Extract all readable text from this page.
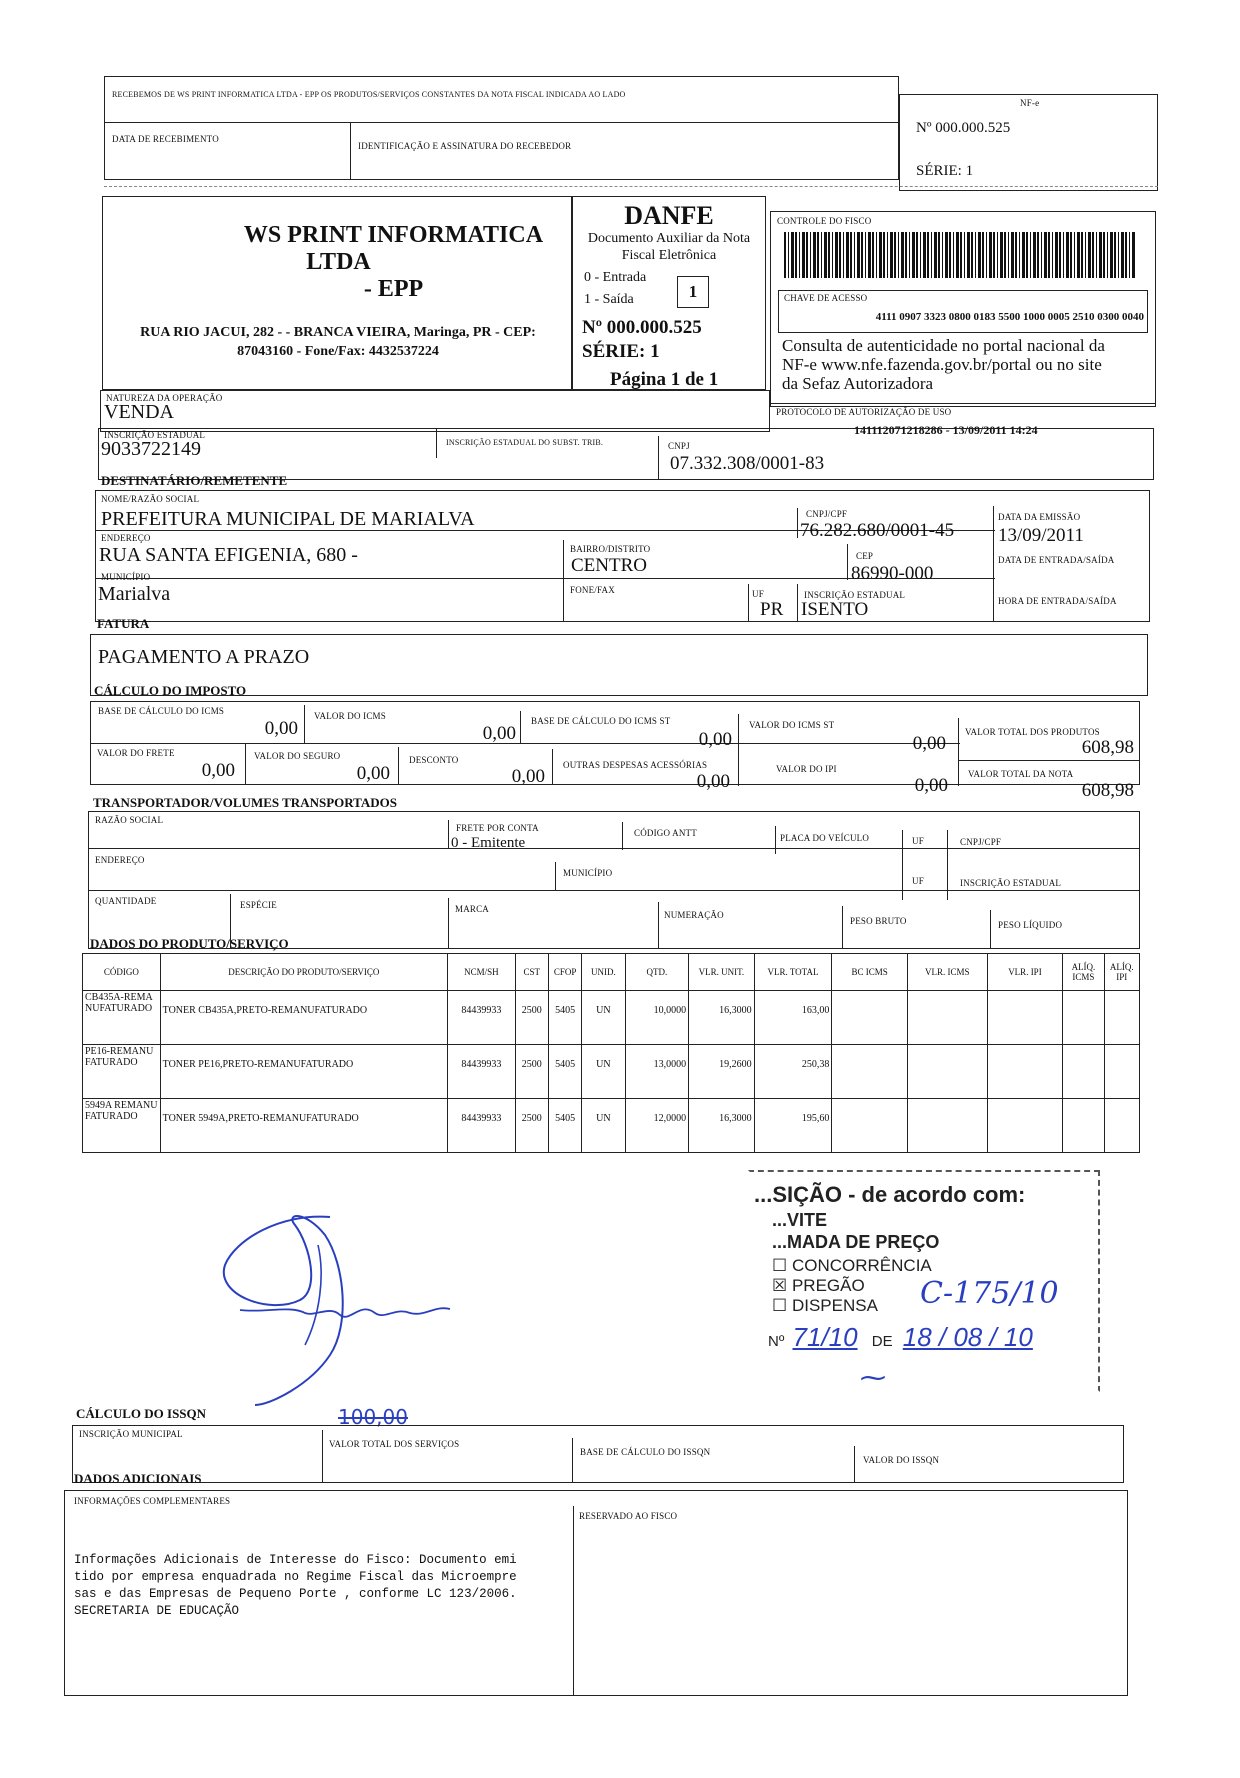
RECEBEMOS DE WS PRINT INFORMATICA LTDA - EPP OS PRODUTOS/SERVIÇOS CONSTANTES DA NOTA FISCAL INDICADA AO LADO
DATA DE RECEBIMENTO
IDENTIFICAÇÃO E ASSINATURA DO RECEBEDOR
NF-e
Nº 000.000.525
SÉRIE: 1
WS PRINT INFORMATICA LTDA
- EPP
RUA RIO JACUI, 282 - - BRANCA VIEIRA, Maringa, PR - CEP:
87043160 - Fone/Fax: 4432537224
DANFE
Documento Auxiliar da Nota
Fiscal Eletrônica
0 - Entrada
1 - Saída	1
Nº 000.000.525
SÉRIE: 1
Página 1 de 1
CONTROLE DO FISCO
CHAVE DE ACESSO
4111 0907 3323 0800 0183 5500 1000 0005 2510 0300 0040
Consulta de autenticidade no portal nacional da
NF-e www.nfe.fazenda.gov.br/portal ou no site
da Sefaz Autorizadora
PROTOCOLO DE AUTORIZAÇÃO DE USO
141112071218286 - 13/09/2011 14:24
NATUREZA DA OPERAÇÃO
VENDA
INSCRIÇÃO ESTADUAL
9033722149	INSCRIÇÃO ESTADUAL DO SUBST. TRIB.	CNPJ
07.332.308/0001-83
DESTINATÁRIO/REMETENTE
NOME/RAZÃO SOCIAL
PREFEITURA MUNICIPAL DE MARIALVA	CNPJ/CPF
76.282.680/0001-45
DATA DA EMISSÃO
13/09/2011
ENDEREÇO
RUA SANTA EFIGENIA, 680 -	BAIRRO/DISTRITO
CENTRO	CEP
86990-000
DATA DE ENTRADA/SAÍDA
MUNICÍPIO
Marialva	FONE/FAX	UF
PR
INSCRIÇÃO ESTADUAL
ISENTO	HORA DE ENTRADA/SAÍDA
FATURA
PAGAMENTO A PRAZO
CÁLCULO DO IMPOSTO
BASE DE CÁLCULO DO ICMS
0,00
VALOR DO ICMS
0,00
BASE DE CÁLCULO DO ICMS ST
0,00
VALOR DO ICMS ST
0,00
VALOR TOTAL DOS PRODUTOS
608,98
VALOR DO FRETE
0,00
VALOR DO SEGURO
0,00
DESCONTO
0,00
OUTRAS DESPESAS ACESSÓRIAS
0,00
VALOR DO IPI
0,00
VALOR TOTAL DA NOTA
608,98
TRANSPORTADOR/VOLUMES TRANSPORTADOS
RAZÃO SOCIAL
FRETE POR CONTA
0 - Emitente
CÓDIGO ANTT	PLACA DO VEÍCULO	UF	CNPJ/CPF
ENDEREÇO
MUNICÍPIO
UF	INSCRIÇÃO ESTADUAL
QUANTIDADE	ESPÉCIE	MARCA
NUMERAÇÃO
PESO BRUTO	PESO LÍQUIDO
DADOS DO PRODUTO/SERVIÇO
CÓDIGO	DESCRIÇÃO DO PRODUTO/SERVIÇO	NCM/SH	CST	CFOP	UNID.	QTD.	VLR. UNIT.	VLR. TOTAL	BC ICMS	VLR. ICMS	VLR. IPI	ALÍQ. ICMS	ALÍQ. IPI
CB435A-REMANUFATURADO	TONER CB435A,PRETO-REMANUFATURADO	84439933	2500	5405	UN	10,0000	16,3000	163,00					
PE16-REMANUFATURADO	TONER PE16,PRETO-REMANUFATURADO	84439933	2500	5405	UN	13,0000	19,2600	250,38					
5949A REMANUFATURADO	TONER 5949A,PRETO-REMANUFATURADO	84439933	2500	5405	UN	12,0000	16,3000	195,60					
...SIÇÃO - de acordo com:
...VITE
...MADA DE PREÇO
☐ CONCORRÊNCIA
☒ PREGÃO
☐ DISPENSA C-175/10
Nº 71/10 DE 18 / 08 / 10
⁓
CÁLCULO DO ISSQN	100,00
INSCRIÇÃO MUNICIPAL
VALOR TOTAL DOS SERVIÇOS
BASE DE CÁLCULO DO ISSQN
VALOR DO ISSQN
DADOS ADICIONAIS
INFORMAÇÕES COMPLEMENTARES
RESERVADO AO FISCO

Informações Adicionais de Interesse do Fisco: Documento emi
tido por empresa enquadrada no Regime Fiscal das Microempre
sas e das Empresas de Pequeno Porte , conforme LC 123/2006.
SECRETARIA DE EDUCAÇÃO
